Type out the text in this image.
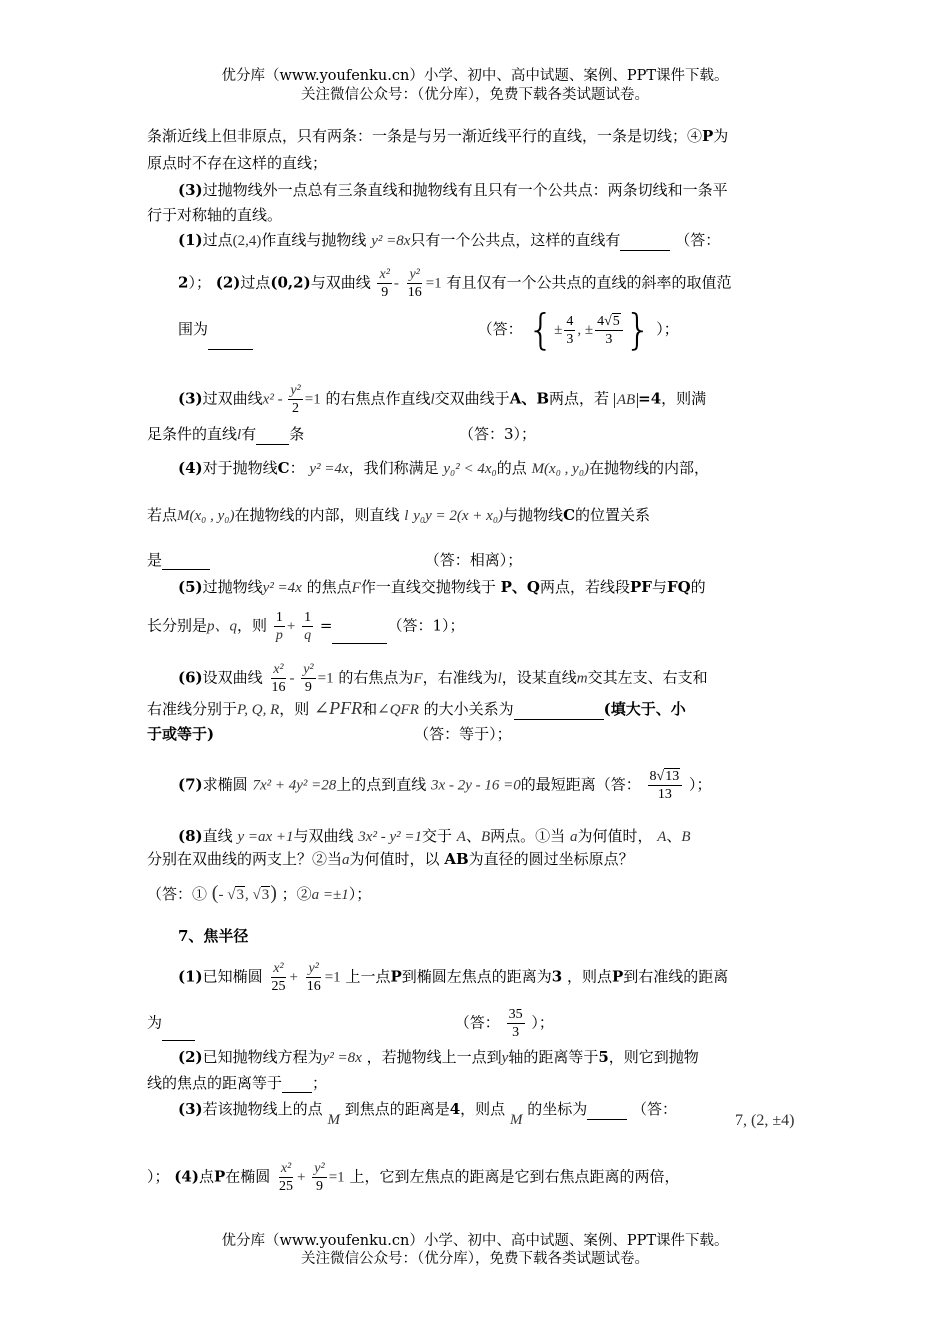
优分库（www.youfenku.cn）小学、初中、高中试题、案例、PPT课件下载。
关注微信公众号：（优分库），免费下载各类试题试卷。
条渐近线上但非原点，只有两条：一条是与另一渐近线平行的直线，一条是切线；④P为
原点时不存在这样的直线；
(3)过抛物线外一点总有三条直线和抛物线有且只有一个公共点：两条切线和一条平
行于对称轴的直线。
(1)过点(2,4)作直线与抛物线 y² =8x只有一个公共点，这样的直线有	（答：
2）； (2)过点(0,2)与双曲线 $\frac{\text{x²}}{9} - \frac{\text{y²}}{16} =1$ 有且仅有一个公共点的直线的斜率的取值范
围为	（答： {± $\frac{4}{3}$ , ± $\frac{4√5}{3}$ } ）；
(3)过双曲线$x^2 - \frac{\text{y²}}{2} =1$ 的右焦点作直线l交双曲线于A、B两点，若 AB =4，则满
足条件的直线l有 条	（答：3）；
(4)对于抛物线C： y² =4x，我们称满足 y₀² < 4x₀的点 M(x₀ , y₀)在抛物线的内部，
若点M(x₀ , y₀)在抛物线的内部，则直线 l y₀y = 2(x + x₀)与抛物线C的位置关系
是	（答：相离）；
(5)过抛物线y² =4x 的焦点F作一直线交抛物线于 P、Q两点，若线段PF与FQ的
长分别是p、q，则 $\frac{1}{p} + \frac{1}{q}$ =	（答：1）；
(6)设双曲线 $\frac{\text{x²}}{16} - \frac{\text{y²}}{9} =1$ 的右焦点为F，右准线为l，设某直线m交其左支、右支和
右准线分别于P, Q, R，则 ∠PFR和∠QFR 的大小关系为	(填大于、小
于或等于)	（答：等于）；
(7)求椭圆 7x² + 4y² =28上的点到直线 3x - 2y - 16 =0的最短距离（答： $\frac{8√13}{13}$ ）；
(8)直线 y =ax +1与双曲线 3x² - y² =1交于 A、B两点。①当 a为何值时， A、B
分别在双曲线的两支上？②当a为何值时，以 AB为直径的圆过坐标原点？
（答：① (- √3, √3) ；②a =±1）；
7、焦半径
(1)已知椭圆 $\frac{\text{x²}}{25} + \frac{\text{y²}}{16} =1$ 上一点P到椭圆左焦点的距离为3 ，则点P到右准线的距离
为	（答： $\frac{35}{3}$ ）；
(2)已知抛物线方程为y² =8x ，若抛物线上一点到y轴的距离等于5，则它到抛物
线的焦点的距离等于 ；
(3)若该抛物线上的点 M 到焦点的距离是4，则点 M 的坐标为	（答：
7, (2, ±4)
）； (4)点P在椭圆 $\frac{\text{x²}}{25} + \frac{\text{y²}}{9} =1$ 上，它到左焦点的距离是它到右焦点距离的两倍，
优分库（www.youfenku.cn）小学、初中、高中试题、案例、PPT课件下载。
关注微信公众号：（优分库），免费下载各类试题试卷。
